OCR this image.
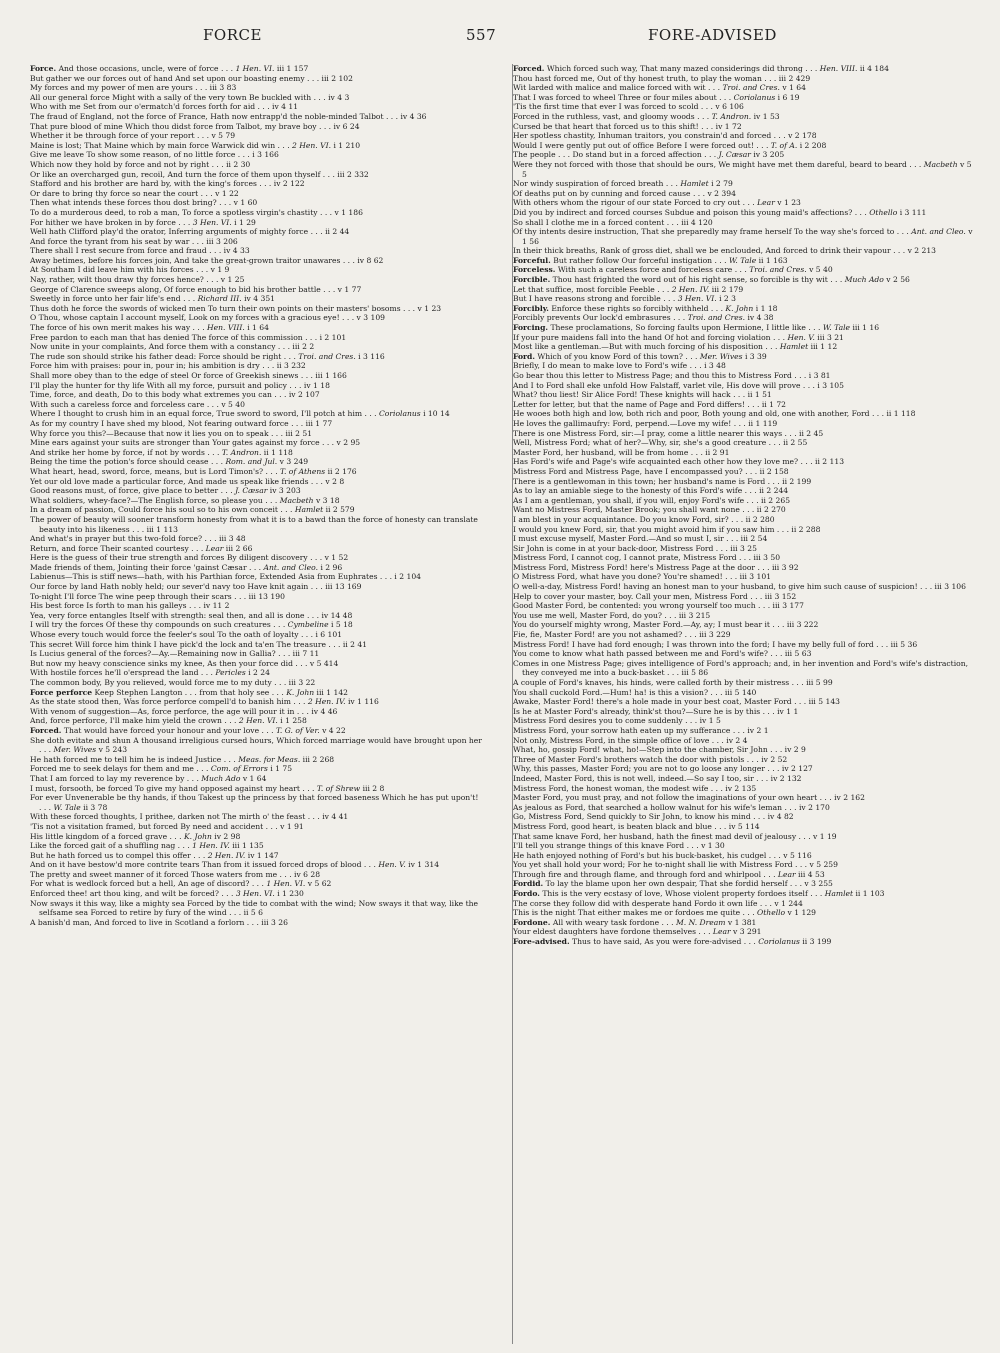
FORCE	557	FORE-ADVISED

Force. And those occasions, uncle, were of force . . . 1 Hen. VI. iii 1 157

But gather we our forces out of hand And set upon our boasting enemy . . . iii 2 102

My forces and my power of men are yours . . . iii 3 83

All our general force Might with a sally of the very town Be buckled with . . . iv 4 3

Who with me Set from our o'ermatch'd forces forth for aid . . . iv 4 11

The fraud of England, not the force of France, Hath now entrapp'd the noble-minded Talbot . . . iv 4 36

That pure blood of mine Which thou didst force from Talbot, my brave boy . . . iv 6 24

Whether it be through force of your report . . . v 5 79

Maine is lost; That Maine which by main force Warwick did win . . . 2 Hen. VI. i 1 210

Give me leave To show some reason, of no little force . . . i 3 166

Which now they hold by force and not by right . . . ii 2 30

Or like an overcharged gun, recoil, And turn the force of them upon thyself . . . iii 2 332

Stafford and his brother are hard by, with the king's forces . . . iv 2 122

Or dare to bring thy force so near the court . . . v 1 22

Then what intends these forces thou dost bring? . . . v 1 60

To do a murderous deed, to rob a man, To force a spotless virgin's chastity . . . v 1 186

For hither we have broken in by force . . . 3 Hen. VI. i 1 29

Well hath Clifford play'd the orator, Inferring arguments of mighty force . . . ii 2 44

And force the tyrant from his seat by war . . . iii 3 206

There shall I rest secure from force and fraud . . . iv 4 33

Away betimes, before his forces join, And take the great-grown traitor unawares . . . iv 8 62

At Southam I did leave him with his forces . . . v 1 9

Nay, rather, wilt thou draw thy forces hence? . . . v 1 25

George of Clarence sweeps along, Of force enough to bid his brother battle . . . v 1 77

Sweetly in force unto her fair life's end . . . Richard III. iv 4 351

Thus doth he force the swords of wicked men To turn their own points on their masters' bosoms . . . v 1 23

O Thou, whose captain I account myself, Look on my forces with a gracious eye! . . . v 3 109

The force of his own merit makes his way . . . Hen. VIII. i 1 64

Free pardon to each man that has denied The force of this commission . . . i 2 101

Now unite in your complaints, And force them with a constancy . . . iii 2 2

The rude son should strike his father dead: Force should be right . . . Troi. and Cres. i 3 116

Force him with praises: pour in, pour in; his ambition is dry . . . ii 3 232

Shall more obey than to the edge of steel Or force of Greekish sinews . . . iii 1 166

I'll play the hunter for thy life With all my force, pursuit and policy . . . iv 1 18

Time, force, and death, Do to this body what extremes you can . . . iv 2 107

With such a careless force and forceless care . . . v 5 40

Where I thought to crush him in an equal force, True sword to sword, I'll potch at him . . . Coriolanus i 10 14

As for my country I have shed my blood, Not fearing outward force . . . iii 1 77

Why force you this?—Because that now it lies you on to speak . . . iii 2 51

Mine ears against your suits are stronger than Your gates against my force . . . v 2 95

And strike her home by force, if not by words . . . T. Andron. ii 1 118

Being the time the potion's force should cease . . . Rom. and Jul. v 3 249

What heart, head, sword, force, means, but is Lord Timon's? . . . T. of Athens ii 2 176

Yet our old love made a particular force, And made us speak like friends . . . v 2 8

Good reasons must, of force, give place to better . . . J. Cæsar iv 3 203

What soldiers, whey-face?—The English force, so please you . . . Macbeth v 3 18

In a dream of passion, Could force his soul so to his own conceit . . . Hamlet ii 2 579

The power of beauty will sooner transform honesty from what it is to a bawd than the force of honesty can translate beauty into his likeness . . . iii 1 113

And what's in prayer but this two-fold force? . . . iii 3 48

Return, and force Their scanted courtesy . . . Lear iii 2 66

Here is the guess of their true strength and forces By diligent discovery . . . v 1 52

Made friends of them, Jointing their force 'gainst Cæsar . . . Ant. and Cleo. i 2 96

Labienus—This is stiff news—hath, with his Parthian force, Extended Asia from Euphrates . . . i 2 104

Our force by land Hath nobly held; our sever'd navy too Have knit again . . . iii 13 169

To-night I'll force The wine peep through their scars . . . iii 13 190

His best force Is forth to man his galleys . . . iv 11 2

Yea, very force entangles Itself with strength: seal then, and all is done . . . iv 14 48

I will try the forces Of these thy compounds on such creatures . . . Cymbeline i 5 18

Whose every touch would force the feeler's soul To the oath of loyalty . . . i 6 101

This secret Will force him think I have pick'd the lock and ta'en The treasure . . . ii 2 41

Is Lucius general of the forces?—Ay.—Remaining now in Gallia? . . . iii 7 11

But now my heavy conscience sinks my knee, As then your force did . . . v 5 414

With hostile forces he'll o'erspread the land . . . Pericles i 2 24

The common body, By you relieved, would force me to my duty . . . iii 3 22

Force perforce Keep Stephen Langton . . . from that holy see . . . K. John iii 1 142

As the state stood then, Was force perforce compell'd to banish him . . . 2 Hen. IV. iv 1 116

With venom of suggestion—As, force perforce, the age will pour it in . . . iv 4 46

And, force perforce, I'll make him yield the crown . . . 2 Hen. VI. i 1 258

Forced. That would have forced your honour and your love . . . T. G. of Ver. v 4 22

She doth evitate and shun A thousand irreligious cursed hours, Which forced marriage would have brought upon her . . . Mer. Wives v 5 243

He hath forced me to tell him he is indeed Justice . . . Meas. for Meas. iii 2 268

Forced me to seek delays for them and me . . . Com. of Errors i 1 75

That I am forced to lay my reverence by . . . Much Ado v 1 64

I must, forsooth, be forced To give my hand opposed against my heart . . . T. of Shrew iii 2 8

For ever Unvenerable be thy hands, if thou Takest up the princess by that forced baseness Which he has put upon't! . . . W. Tale ii 3 78

With these forced thoughts, I prithee, darken not The mirth o' the feast . . . iv 4 41

'Tis not a visitation framed, but forced By need and accident . . . v 1 91

His little kingdom of a forced grave . . . K. John iv 2 98

Like the forced gait of a shuffling nag . . . 1 Hen. IV. iii 1 135

But he hath forced us to compel this offer . . . 2 Hen. IV. iv 1 147

And on it have bestow'd more contrite tears Than from it issued forced drops of blood . . . Hen. V. iv 1 314

The pretty and sweet manner of it forced Those waters from me . . . iv 6 28

For what is wedlock forced but a hell, An age of discord? . . . 1 Hen. VI. v 5 62

Enforced thee! art thou king, and wilt be forced? . . . 3 Hen. VI. i 1 230

Now sways it this way, like a mighty sea Forced by the tide to combat with the wind; Now sways it that way, like the selfsame sea Forced to retire by fury of the wind . . . ii 5 6

A banish'd man, And forced to live in Scotland a forlorn . . . iii 3 26

Forced. Which forced such way, That many mazed considerings did throng . . . Hen. VIII. ii 4 184

Thou hast forced me, Out of thy honest truth, to play the woman . . . iii 2 429

Wit larded with malice and malice forced with wit . . . Troi. and Cres. v 1 64

That I was forced to wheel Three or four miles about . . . Coriolanus i 6 19

'Tis the first time that ever I was forced to scold . . . v 6 106

Forced in the ruthless, vast, and gloomy woods . . . T. Andron. iv 1 53

Cursed be that heart that forced us to this shift! . . . iv 1 72

Her spotless chastity, Inhuman traitors, you constrain'd and forced . . . v 2 178

Would I were gently put out of office Before I were forced out! . . . T. of A. i 2 208

The people . . . Do stand but in a forced affection . . . J. Cæsar iv 3 205

Were they not forced with those that should be ours, We might have met them dareful, beard to beard . . . Macbeth v 5 5

Nor windy suspiration of forced breath . . . Hamlet i 2 79

Of deaths put on by cunning and forced cause . . . v 2 394

With others whom the rigour of our state Forced to cry out . . . Lear v 1 23

Did you by indirect and forced courses Subdue and poison this young maid's affections? . . . Othello i 3 111

So shall I clothe me in a forced content . . . iii 4 120

Of thy intents desire instruction, That she preparedly may frame herself To the way she's forced to . . . Ant. and Cleo. v 1 56

In their thick breaths, Rank of gross diet, shall we be enclouded, And forced to drink their vapour . . . v 2 213

Forceful. But rather follow Our forceful instigation . . . W. Tale ii 1 163

Forceless. With such a careless force and forceless care . . . Troi. and Cres. v 5 40

Forcible. Thou hast frighted the word out of his right sense, so forcible is thy wit . . . Much Ado v 2 56

Let that suffice, most forcible Feeble . . . 2 Hen. IV. iii 2 179

But I have reasons strong and forcible . . . 3 Hen. VI. i 2 3

Forcibly. Enforce these rights so forcibly withheld . . . K. John i 1 18

Forcibly prevents Our lock'd embrasures . . . Troi. and Cres. iv 4 38

Forcing. These proclamations, So forcing faults upon Hermione, I little like . . . W. Tale iii 1 16

If your pure maidens fall into the hand Of hot and forcing violation . . . Hen. V. iii 3 21

Most like a gentleman.—But with much forcing of his disposition . . . Hamlet iii 1 12

Ford. Which of you know Ford of this town? . . . Mer. Wives i 3 39

Briefly, I do mean to make love to Ford's wife . . . i 3 48

Go bear thou this letter to Mistress Page; and thou this to Mistress Ford . . . i 3 81

And I to Ford shall eke unfold How Falstaff, varlet vile, His dove will prove . . . i 3 105

What? thou liest! Sir Alice Ford! These knights will hack . . . ii 1 51

Letter for letter, but that the name of Page and Ford differs! . . . ii 1 72

He wooes both high and low, both rich and poor, Both young and old, one with another, Ford . . . ii 1 118

He loves the gallimaufry: Ford, perpend.—Love my wife! . . . ii 1 119

There is one Mistress Ford, sir:—I pray, come a little nearer this ways . . . ii 2 45

Well, Mistress Ford; what of her?—Why, sir, she's a good creature . . . ii 2 55

Master Ford, her husband, will be from home . . . ii 2 91

Has Ford's wife and Page's wife acquainted each other how they love me? . . . ii 2 113

Mistress Ford and Mistress Page, have I encompassed you? . . . ii 2 158

There is a gentlewoman in this town; her husband's name is Ford . . . ii 2 199

As to lay an amiable siege to the honesty of this Ford's wife . . . ii 2 244

As I am a gentleman, you shall, if you will, enjoy Ford's wife . . . ii 2 265

Want no Mistress Ford, Master Brook; you shall want none . . . ii 2 270

I am blest in your acquaintance. Do you know Ford, sir? . . . ii 2 280

I would you knew Ford, sir, that you might avoid him if you saw him . . . ii 2 288

I must excuse myself, Master Ford.—And so must I, sir . . . iii 2 54

Sir John is come in at your back-door, Mistress Ford . . . iii 3 25

Mistress Ford, I cannot cog, I cannot prate, Mistress Ford . . . iii 3 50

Mistress Ford, Mistress Ford! here's Mistress Page at the door . . . iii 3 92

O Mistress Ford, what have you done? You're shamed! . . . iii 3 101

O well-a-day, Mistress Ford! having an honest man to your husband, to give him such cause of suspicion! . . . iii 3 106

Help to cover your master, boy. Call your men, Mistress Ford . . . iii 3 152

Good Master Ford, be contented: you wrong yourself too much . . . iii 3 177

You use me well, Master Ford, do you? . . . iii 3 215

You do yourself mighty wrong, Master Ford.—Ay, ay; I must bear it . . . iii 3 222

Fie, fie, Master Ford! are you not ashamed? . . . iii 3 229

Mistress Ford! I have had ford enough; I was thrown into the ford; I have my belly full of ford . . . iii 5 36

You come to know what hath passed between me and Ford's wife? . . . iii 5 63

Comes in one Mistress Page; gives intelligence of Ford's approach; and, in her invention and Ford's wife's distraction, they conveyed me into a buck-basket . . . iii 5 86

A couple of Ford's knaves, his hinds, were called forth by their mistress . . . iii 5 99

You shall cuckold Ford.—Hum! ha! is this a vision? . . . iii 5 140

Awake, Master Ford! there's a hole made in your best coat, Master Ford . . . iii 5 143

Is he at Master Ford's already, think'st thou?—Sure he is by this . . . iv 1 1

Mistress Ford desires you to come suddenly . . . iv 1 5

Mistress Ford, your sorrow hath eaten up my sufferance . . . iv 2 1

Not only, Mistress Ford, in the simple office of love . . . iv 2 4

What, ho, gossip Ford! what, ho!—Step into the chamber, Sir John . . . iv 2 9

Three of Master Ford's brothers watch the door with pistols . . . iv 2 52

Why, this passes, Master Ford; you are not to go loose any longer . . . iv 2 127

Indeed, Master Ford, this is not well, indeed.—So say I too, sir . . . iv 2 132

Mistress Ford, the honest woman, the modest wife . . . iv 2 135

Master Ford, you must pray, and not follow the imaginations of your own heart . . . iv 2 162

As jealous as Ford, that searched a hollow walnut for his wife's leman . . . iv 2 170

Go, Mistress Ford, Send quickly to Sir John, to know his mind . . . iv 4 82

Mistress Ford, good heart, is beaten black and blue . . . iv 5 114

That same knave Ford, her husband, hath the finest mad devil of jealousy . . . v 1 19

I'll tell you strange things of this knave Ford . . . v 1 30

He hath enjoyed nothing of Ford's but his buck-basket, his cudgel . . . v 5 116

You yet shall hold your word; For he to-night shall lie with Mistress Ford . . . v 5 259

Through fire and through flame, and through ford and whirlpool . . . Lear iii 4 53

Fordid. To lay the blame upon her own despair, That she fordid herself . . . v 3 255

Fordo. This is the very ecstasy of love, Whose violent property fordoes itself . . . Hamlet ii 1 103

The corse they follow did with desperate hand Fordo it own life . . . v 1 244

This is the night That either makes me or fordoes me quite . . . Othello v 1 129

Fordone. All with weary task fordone . . . M. N. Dream v 1 381

Your eldest daughters have fordone themselves . . . Lear v 3 291

Fore-advised. Thus to have said, As you were fore-advised . . . Coriolanus ii 3 199
